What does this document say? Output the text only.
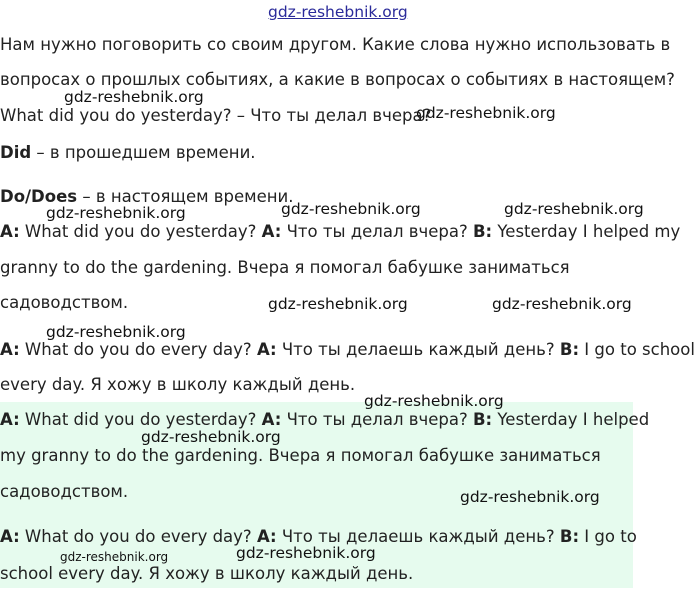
gdz-reshebnik.org
gdz-reshebnik.org
gdz-reshebnik.org
gdz-reshebnik.org	gdz-reshebnik.org	gdz-reshebnik.org
gdz-reshebnik.org	gdz-reshebnik.org
gdz-reshebnik.org
gdz-reshebnik.org
gdz-reshebnik.org
gdz-reshebnik.org
gdz-reshebnik.org	gdz-reshebnik.org
Нам нужно поговорить со своим другом. Какие слова нужно использовать в
вопросах о прошлых событиях, а какие в вопросах о событиях в настоящем?
What did you do yesterday? – Что ты делал вчера?
Did – в прошедшем времени.
Do/Does – в настоящем времени.
A: What did you do yesterday? A: Что ты делал вчера? B: Yesterday I helped my
granny to do the gardening. Вчера я помогал бабушке заниматься
садоводством.
A: What do you do every day? A: Что ты делаешь каждый день? B: I go to school
every day. Я хожу в школу каждый день.
A: What did you do yesterday? A: Что ты делал вчера? B: Yesterday I helped
my granny to do the gardening. Вчера я помогал бабушке заниматься
садоводством.
A: What do you do every day? A: Что ты делаешь каждый день? B: I go to
school every day. Я хожу в школу каждый день.
